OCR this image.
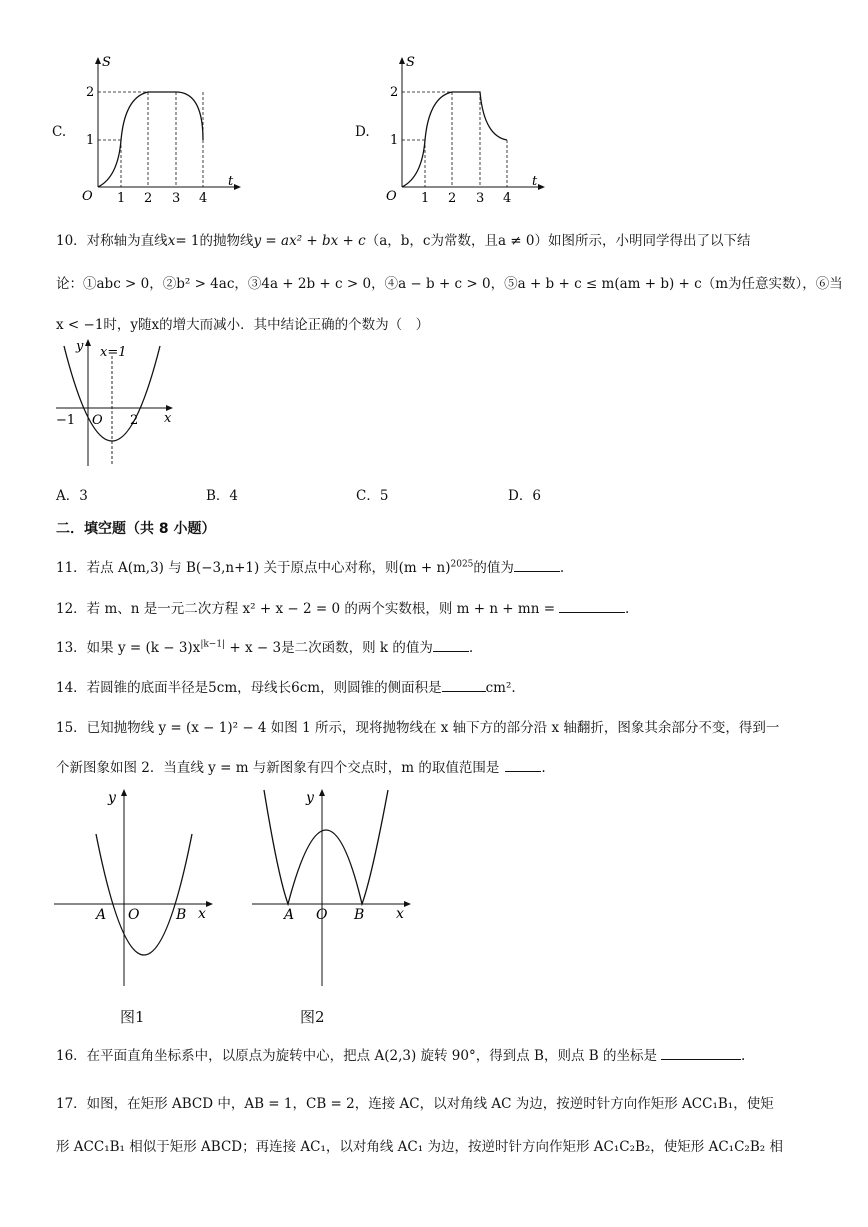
C.
S
t
O
2
1
1 2 3 4
D.
S
t
O
2
1
1 2 3 4
10．对称轴为直线x= 1的抛物线y = ax² + bx + c（a，b，c为常数，且a ≠ 0）如图所示，小明同学得出了以下结
论：①abc > 0，②b² > 4ac，③4a + 2b + c > 0，④a − b + c > 0，⑤a + b + c ≤ m(am + b) + c（m为任意实数），⑥当
x < −1时，y随x的增大而减小．其中结论正确的个数为（　）
y x=1
x
−1 O 2
A．3	B．4	C．5	D．6
二．填空题（共 8 小题）
11．若点 A(m,3) 与 B(−3,n+1) 关于原点中心对称，则$(m + n)^{2025}$的值为	.
12．若 m、n 是一元二次方程 x² + x − 2 = 0 的两个实数根，则 m + n + mn =	.
13．如果 $y = (k - 3)x^{|k-1|} + x - 3$是二次函数，则 k 的值为	.
14．若圆锥的底面半径是5cm，母线长6cm，则圆锥的侧面积是	cm².
15．已知抛物线 y = (x − 1)² − 4 如图 1 所示，现将抛物线在 x 轴下方的部分沿 x 轴翻折，图象其余部分不变，得到一
个新图象如图 2．当直线 y = m 与新图象有四个交点时，m 的取值范围是	.
y
x
A O	B
图1
y
x
A O B
图2
16．在平面直角坐标系中，以原点为旋转中心，把点 A(2,3) 旋转 90°，得到点 B，则点 B 的坐标是	.
17．如图，在矩形 ABCD 中，AB = 1，CB = 2，连接 AC，以对角线 AC 为边，按逆时针方向作矩形 ACC₁B₁，使矩
形 ACC₁B₁ 相似于矩形 ABCD；再连接 AC₁，以对角线 AC₁ 为边，按逆时针方向作矩形 AC₁C₂B₂，使矩形 AC₁C₂B₂ 相
